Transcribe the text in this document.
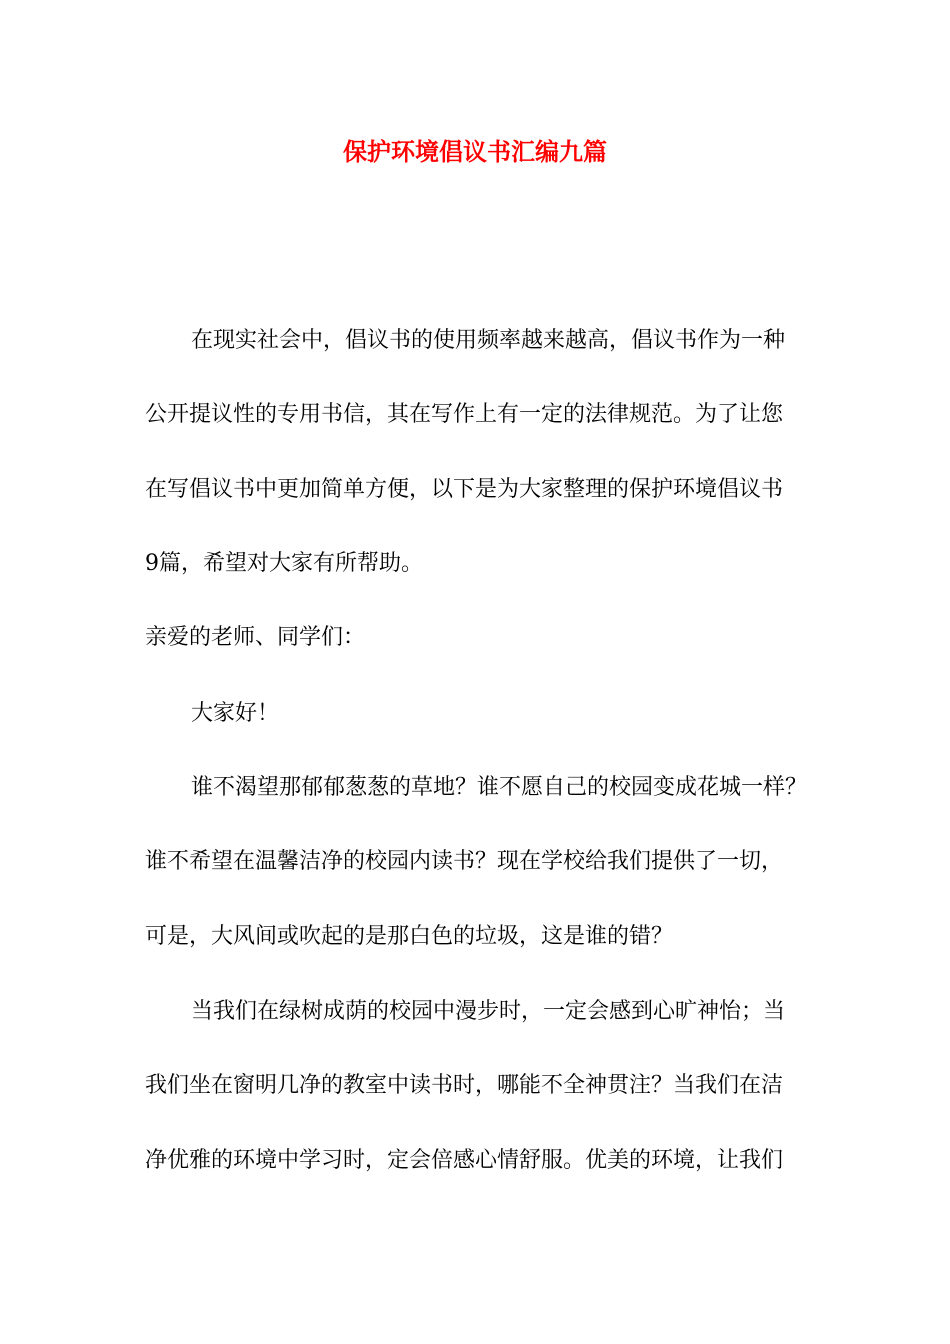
保护环境倡议书汇编九篇

在现实社会中，倡议书的使用频率越来越高，倡议书作为一种

公开提议性的专用书信，其在写作上有一定的法律规范。为了让您

在写倡议书中更加简单方便，以下是为大家整理的保护环境倡议书

9篇，希望对大家有所帮助。

亲爱的老师、同学们：

大家好！

谁不渴望那郁郁葱葱的草地？谁不愿自己的校园变成花城一样？

谁不希望在温馨洁净的校园内读书？现在学校给我们提供了一切，

可是，大风间或吹起的是那白色的垃圾，这是谁的错？

当我们在绿树成荫的校园中漫步时，一定会感到心旷神怡；当

我们坐在窗明几净的教室中读书时，哪能不全神贯注？当我们在洁

净优雅的环境中学习时，定会倍感心情舒服。优美的环境，让我们
